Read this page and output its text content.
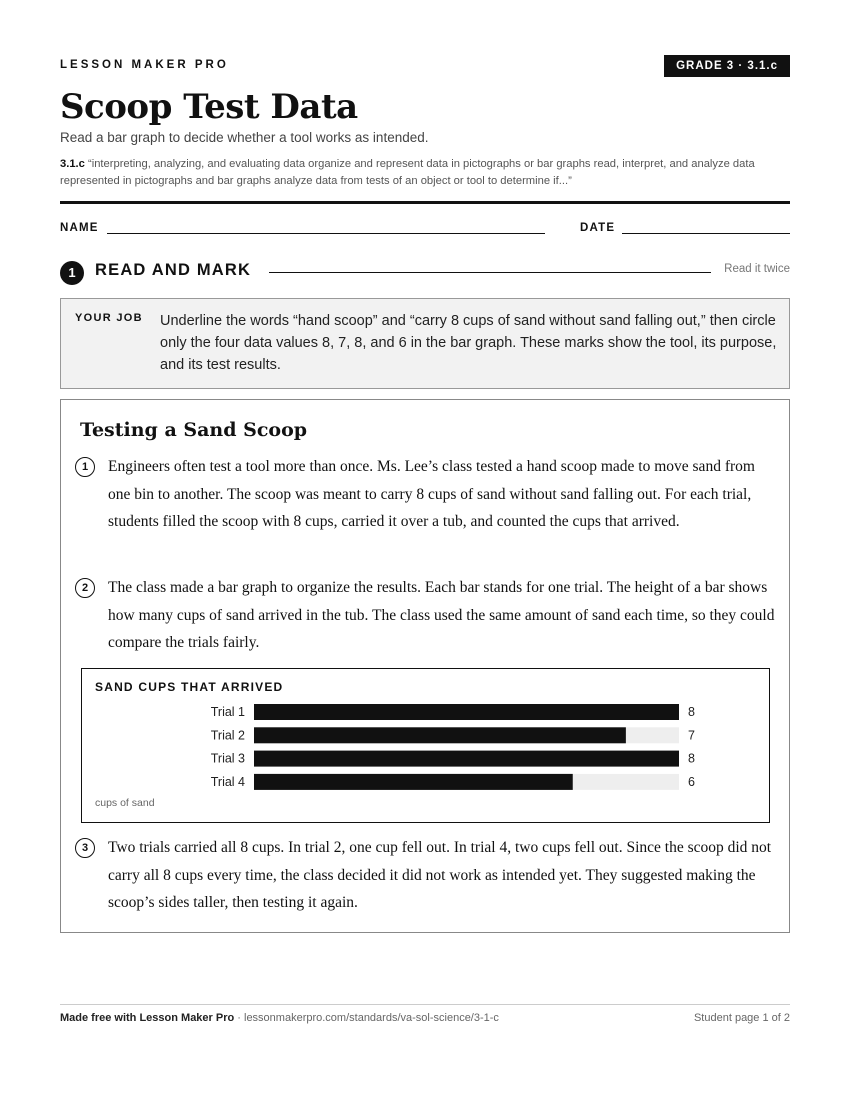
LESSON MAKER PRO	GRADE 3 · 3.1.c
Scoop Test Data
Read a bar graph to decide whether a tool works as intended.
3.1.c “interpreting, analyzing, and evaluating data organize and represent data in pictographs or bar graphs read, interpret, and analyze data represented in pictographs and bar graphs analyze data from tests of an object or tool to determine if...”
NAME	DATE
1	READ AND MARK	Read it twice
YOUR JOB Underline the words “hand scoop” and “carry 8 cups of sand without sand falling out,” then circle only the four data values 8, 7, 8, and 6 in the bar graph. These marks show the tool, its purpose, and its test results.
Testing a Sand Scoop
1	Engineers often test a tool more than once. Ms. Lee’s class tested a hand scoop made to move sand from one bin to another. The scoop was meant to carry 8 cups of sand without sand falling out. For each trial, students filled the scoop with 8 cups, carried it over a tub, and counted the cups that arrived.
2	The class made a bar graph to organize the results. Each bar stands for one trial. The height of a bar shows how many cups of sand arrived in the tub. The class used the same amount of sand each time, so they could compare the trials fairly.
SAND CUPS THAT ARRIVED
Trial 1	8
Trial 2	7
Trial 3	8
Trial 4	6
cups of sand
3	Two trials carried all 8 cups. In trial 2, one cup fell out. In trial 4, two cups fell out. Since the scoop did not carry all 8 cups every time, the class decided it did not work as intended yet. They suggested making the scoop’s sides taller, then testing it again.
Made free with Lesson Maker Pro · lessonmakerpro.com/standards/va-sol-science/3-1-c	Student page 1 of 2
